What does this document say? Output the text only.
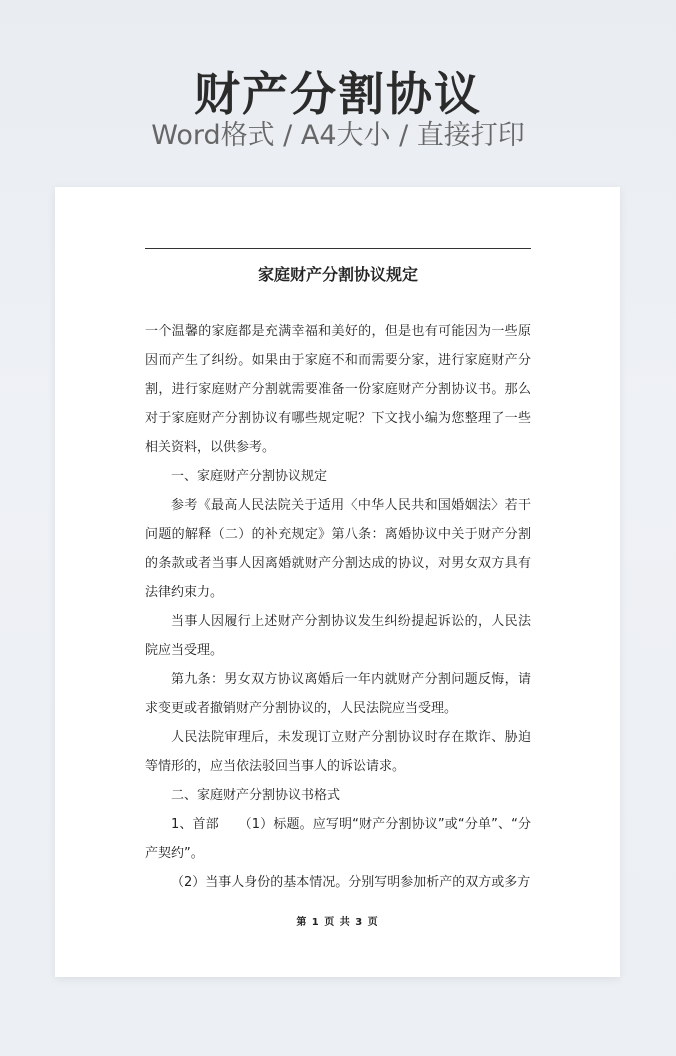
财产分割协议
Word格式 / A4大小 / 直接打印
家庭财产分割协议规定

一个温馨的家庭都是充满幸福和美好的，但是也有可能因为一些原因而产生了纠纷。如果由于家庭不和而需要分家，进行家庭财产分割，进行家庭财产分割就需要准备一份家庭财产分割协议书。那么对于家庭财产分割协议有哪些规定呢？下文找小编为您整理了一些相关资料，以供参考。

一、家庭财产分割协议规定

参考《最高人民法院关于适用〈中华人民共和国婚姻法〉若干问题的解释（二）的补充规定》第八条：离婚协议中关于财产分割的条款或者当事人因离婚就财产分割达成的协议，对男女双方具有法律约束力。

当事人因履行上述财产分割协议发生纠纷提起诉讼的，人民法院应当受理。

第九条：男女双方协议离婚后一年内就财产分割问题反悔，请求变更或者撤销财产分割协议的，人民法院应当受理。

人民法院审理后，未发现订立财产分割协议时存在欺诈、胁迫等情形的，应当依法驳回当事人的诉讼请求。

二、家庭财产分割协议书格式

1、首部　　（1）标题。应写明“财产分割协议”或“分单”、“分产契约”。

（2）当事人身份的基本情况。分别写明参加析产的双方或多方

第 1 页 共 3 页
